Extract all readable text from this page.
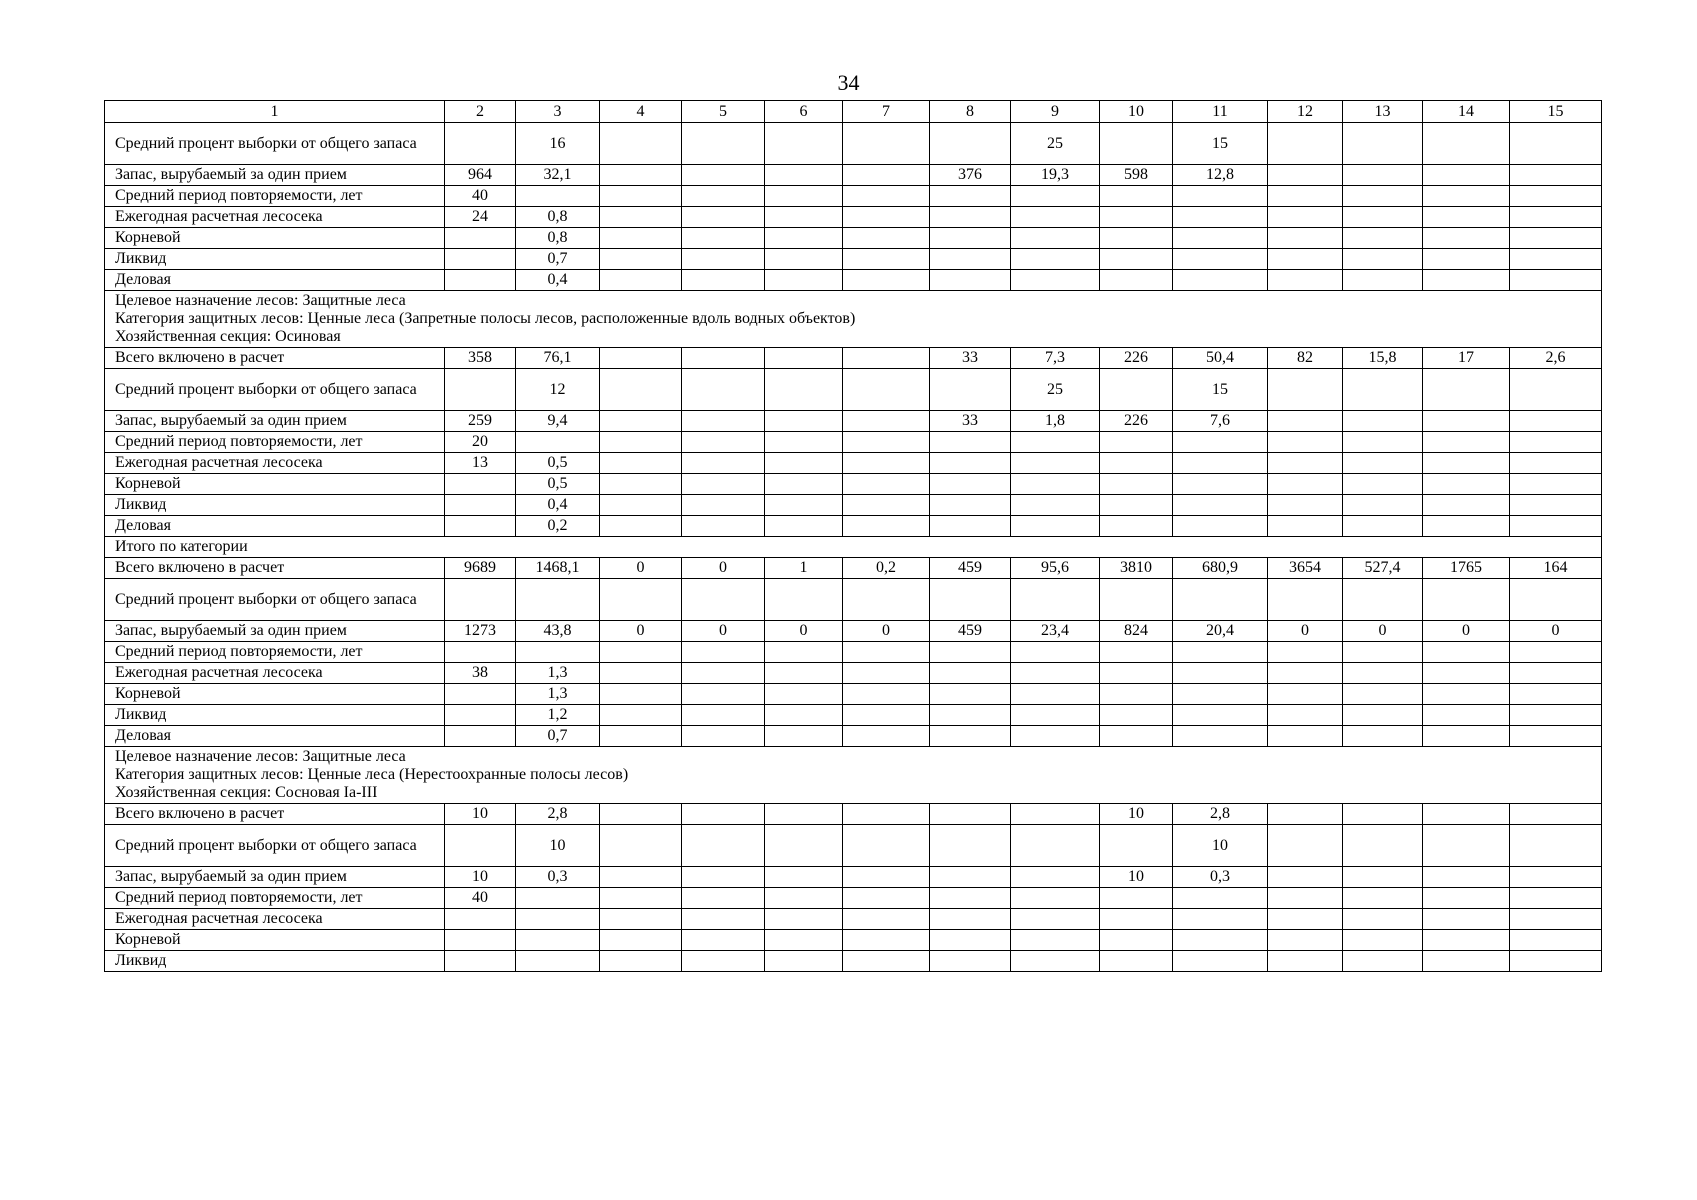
34
1	2	3	4	5	6	7	8	9	10	11	12	13	14	15
Средний процент выборки от общего запаса		16						25		15				
Запас, вырубаемый за один прием	964	32,1					376	19,3	598	12,8				
Средний период повторяемости, лет	40													
Ежегодная расчетная лесосека	24	0,8												
Корневой		0,8												
Ликвид		0,7												
Деловая		0,4												

Целевое назначение лесов: Защитные леса
Категория защитных лесов: Ценные леса (Запретные полосы лесов, расположенные вдоль водных объектов)
Хозяйственная секция: Осиновая														

Всего включено в расчет	358	76,1					33	7,3	226	50,4	82	15,8	17	2,6
Средний процент выборки от общего запаса		12						25		15				
Запас, вырубаемый за один прием	259	9,4					33	1,8	226	7,6				
Средний период повторяемости, лет	20													
Ежегодная расчетная лесосека	13	0,5												
Корневой		0,5												
Ликвид		0,4												
Деловая		0,2												

Итого по категории														

Всего включено в расчет	9689	1468,1	0	0	1	0,2	459	95,6	3810	680,9	3654	527,4	1765	164
Средний процент выборки от общего запаса														
Запас, вырубаемый за один прием	1273	43,8	0	0	0	0	459	23,4	824	20,4	0	0	0	0
Средний период повторяемости, лет														
Ежегодная расчетная лесосека	38	1,3												
Корневой		1,3												
Ликвид		1,2												
Деловая		0,7												

Целевое назначение лесов: Защитные леса
Категория защитных лесов: Ценные леса (Нерестоохранные полосы лесов)
Хозяйственная секция: Сосновая Ia-III														

Всего включено в расчет	10	2,8							10	2,8				
Средний процент выборки от общего запаса		10								10				
Запас, вырубаемый за один прием	10	0,3							10	0,3				
Средний период повторяемости, лет	40													
Ежегодная расчетная лесосека														
Корневой														
Ликвид														
